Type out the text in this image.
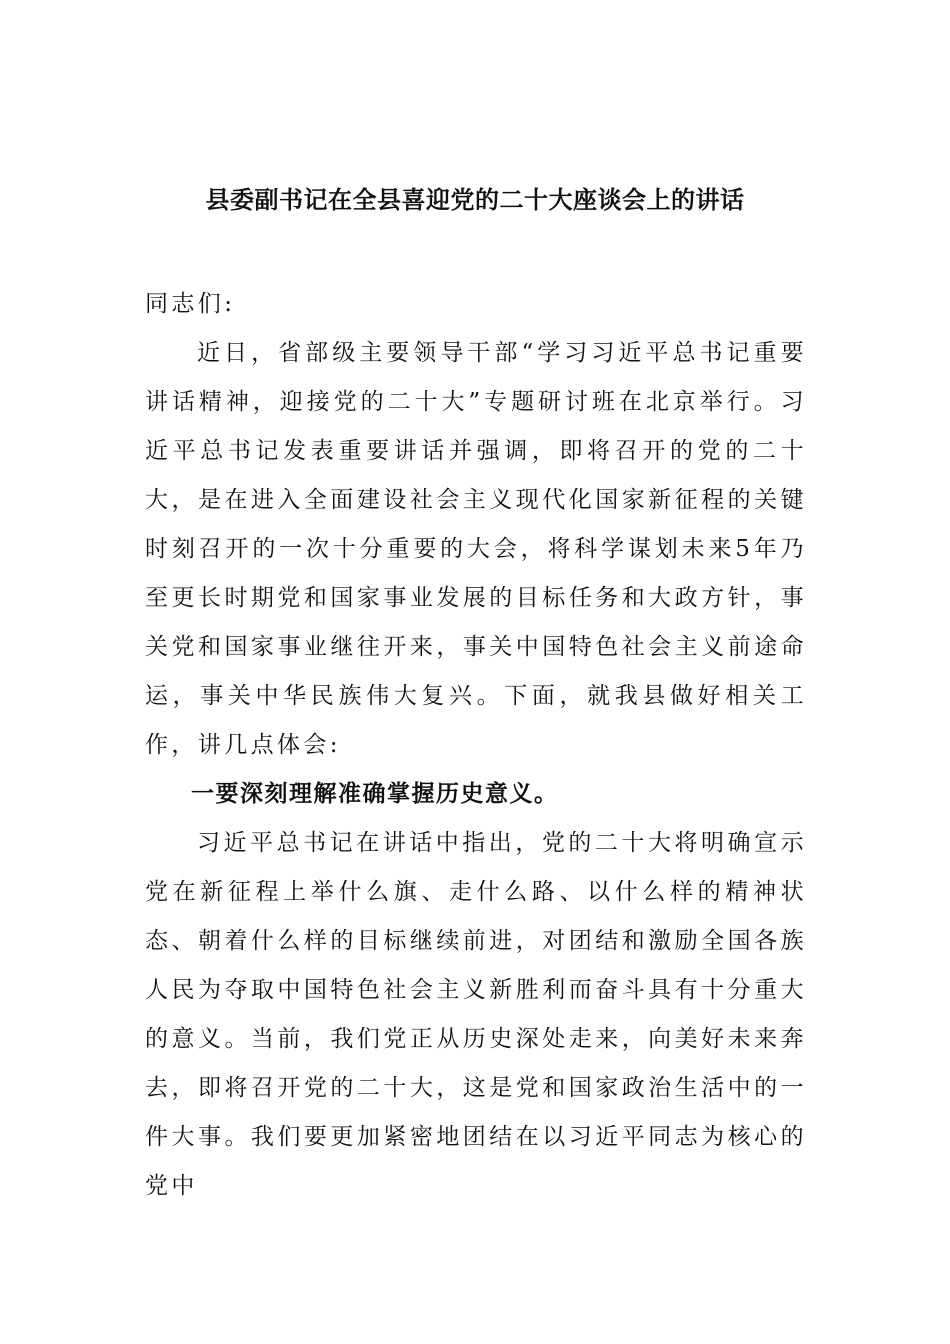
县委副书记在全县喜迎党的二十大座谈会上的讲话

同志们:

近日，省部级主要领导干部“学习习近平总书记重要讲话精神，迎接党的二十大”专题研讨班在北京举行。习近平总书记发表重要讲话并强调，即将召开的党的二十大，是在进入全面建设社会主义现代化国家新征程的关键时刻召开的一次十分重要的大会，将科学谋划未来5年乃至更长时期党和国家事业发展的目标任务和大政方针，事关党和国家事业继往开来，事关中国特色社会主义前途命运，事关中华民族伟大复兴。下面，就我县做好相关工作，讲几点体会:

一要深刻理解准确掌握历史意义。

习近平总书记在讲话中指出，党的二十大将明确宣示党在新征程上举什么旗、走什么路、以什么样的精神状态、朝着什么样的目标继续前进，对团结和激励全国各族人民为夺取中国特色社会主义新胜利而奋斗具有十分重大的意义。当前，我们党正从历史深处走来，向美好未来奔去，即将召开党的二十大，这是党和国家政治生活中的一件大事。我们要更加紧密地团结在以习近平同志为核心的党中
